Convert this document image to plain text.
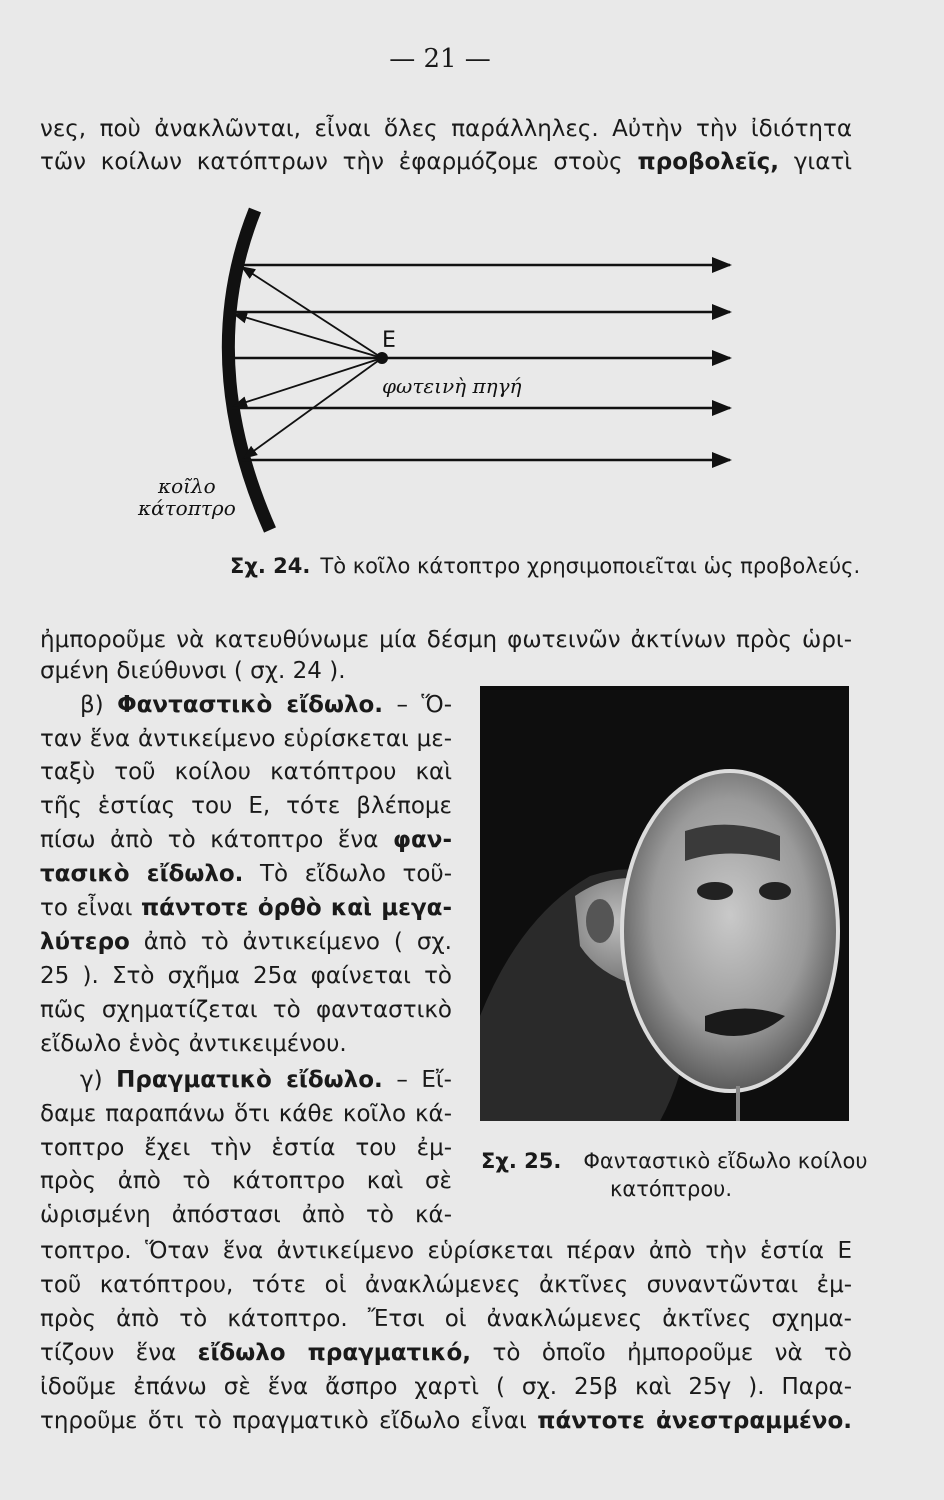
— 21 —
νες, ποὺ ἀνακλῶνται, εἶναι ὅλες παράλληλες. Αὐτὴν τὴν ἰδιότητα
τῶν κοίλων κατόπτρων τὴν ἐφαρμόζομε στοὺς προβολεῖς, γιατὶ
Ε
φωτεινὴ πηγή
κοῖλο
κάτοπτρο
Σχ. 24. Τὸ κοῖλο κάτοπτρο χρησιμοποιεῖται ὡς προβολεύς.
ἠμποροῦμε νὰ κατευθύνωμε μία δέσμη φωτεινῶν ἀκτίνων πρὸς ὡρι-
σμένη διεύθυνσι ( σχ. 24 ).
β) Φανταστικὸ εἴδωλο. – Ὅ-
ταν ἕνα ἀντικείμενο εὑρίσκεται με-
ταξὺ τοῦ κοίλου κατόπτρου καὶ
τῆς ἑστίας του Ε, τότε βλέπομε
πίσω ἀπὸ τὸ κάτοπτρο ἕνα φαν-
τασικὸ εἴδωλο. Τὸ εἴδωλο τοῦ-
το εἶναι πάντοτε ὀρθὸ καὶ μεγα-
λύτερο ἀπὸ τὸ ἀντικείμενο ( σχ.
25 ). Στὸ σχῆμα 25α φαίνεται τὸ
πῶς σχηματίζεται τὸ φανταστικὸ
εἴδωλο ἑνὸς ἀντικειμένου.
γ) Πραγματικὸ εἴδωλο. – Εἴ-
δαμε παραπάνω ὅτι κάθε κοῖλο κά-
τοπτρο ἔχει τὴν ἑστία του ἐμ-
πρὸς ἀπὸ τὸ κάτοπτρο καὶ σὲ
ὡρισμένη ἀπόστασι ἀπὸ τὸ κά-
τοπτρο. Ὅταν ἕνα ἀντικείμενο εὑρίσκεται πέραν ἀπὸ τὴν ἑστία Ε
τοῦ κατόπτρου, τότε οἱ ἀνακλώμενες ἀκτῖνες συναντῶνται ἐμ-
πρὸς ἀπὸ τὸ κάτοπτρο. Ἔτσι οἱ ἀνακλώμενες ἀκτῖνες σχημα-
τίζουν ἕνα εἴδωλο πραγματικό, τὸ ὁποῖο ἠμποροῦμε νὰ τὸ
ἰδοῦμε ἐπάνω σὲ ἕνα ἄσπρο χαρτὶ ( σχ. 25β καὶ 25γ ). Παρα-
τηροῦμε ὅτι τὸ πραγματικὸ εἴδωλο εἶναι πάντοτε ἀνεστραμμένο.
Σχ. 25. Φανταστικὸ εἴδωλο κοίλου
κατόπτρου.
